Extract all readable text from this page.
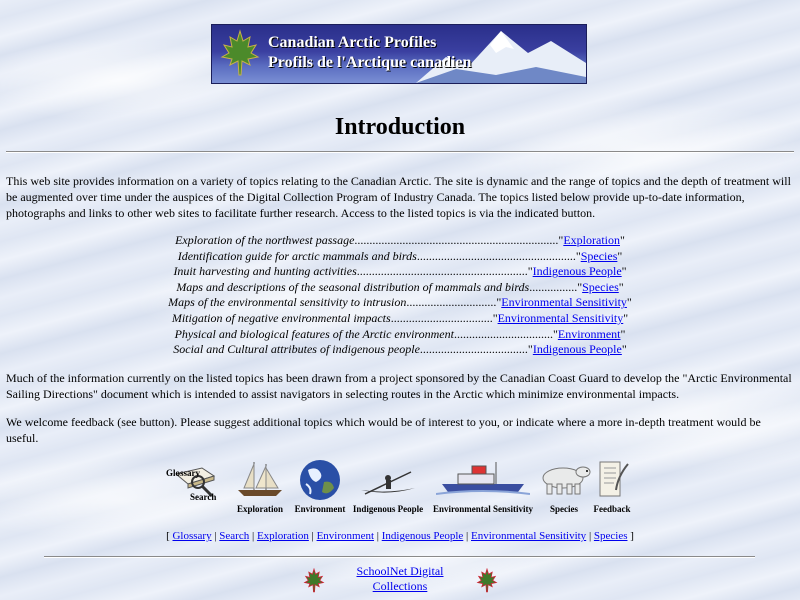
Canadian Arctic Profiles
Profils de l'Arctique canadien
Introduction

This web site provides information on a variety of topics relating to the Canadian Arctic. The site is dynamic and the range of topics and the depth of treatment will be augmented over time under the auspices of the Digital Collection Program of Industry Canada. The topics listed below provide up-to-date information, photographs and links to other web sites to facilitate further research. Access to the listed topics is via the indicated button.

Exploration of the northwest passage...................................................................."Exploration"
Identification guide for arctic mammals and birds....................................................."Species"
Inuit harvesting and hunting activities........................................................."Indigenous People"
Maps and descriptions of the seasonal distribution of mammals and birds................"Species"
Maps of the environmental sensitivity to intrusion.............................."Environmental Sensitivity"
Mitigation of negative environmental impacts.................................."Environmental Sensitivity"
Physical and biological features of the Arctic environment................................."Environment"
Social and Cultural attributes of indigenous people...................................."Indigenous People"

Much of the information currently on the listed topics has been drawn from a project sponsored by the Canadian Coast Guard to develop the "Arctic Environmental Sailing Directions" document which is intended to assist navigators in selecting routes in the Arctic which minimize environmental impacts.

We welcome feedback (see button). Please suggest additional topics which would be of interest to you, or indicate where a more in-depth treatment would be useful.

Glossary
Search
Exploration	Environment Indigenous People	Environmental Sensitivity	Species	Feedback
[ Glossary | Search | Exploration | Environment | Indigenous People | Environmental Sensitivity | Species ]
SchoolNet Digital
Collections
